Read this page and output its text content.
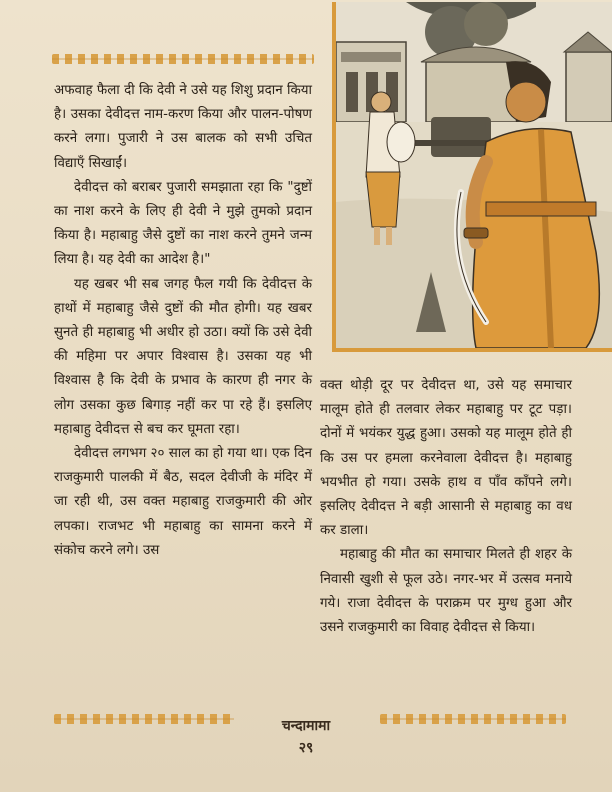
अफवाह फैला दी कि देवी ने उसे यह शिशु प्रदान किया है। उसका देवीदत्त नाम-करण किया और पालन-पोषण करने लगा। पुजारी ने उस बालक को सभी उचित विद्याएँ सिखाईं।

देवीदत्त को बराबर पुजारी समझाता रहा कि "दुष्टों का नाश करने के लिए ही देवी ने मुझे तुमको प्रदान किया है। महाबाहु जैसे दुष्टों का नाश करने तुमने जन्म लिया है। यह देवी का आदेश है।"

यह खबर भी सब जगह फैल गयी कि देवीदत्त के हाथों में महाबाहु जैसे दुष्टों की मौत होगी। यह खबर सुनते ही महाबाहु भी अधीर हो उठा। क्यों कि उसे देवी की महिमा पर अपार विश्वास है। उसका यह भी विश्वास है कि देवी के प्रभाव के कारण ही नगर के लोग उसका कुछ बिगाड़ नहीं कर पा रहे हैं। इसलिए महाबाहु देवीदत्त से बच कर घूमता रहा।

देवीदत्त लगभग २० साल का हो गया था। एक दिन राजकुमारी पालकी में बैठ, सदल देवीजी के मंदिर में जा रही थी, उस वक्त महाबाहु राजकुमारी की ओर लपका। राजभट भी महाबाहु का सामना करने में संकोच करने लगे। उस

वक्त थोड़ी दूर पर देवीदत्त था, उसे यह समाचार मालूम होते ही तलवार लेकर महाबाहु पर टूट पड़ा। दोनों में भयंकर युद्ध हुआ। उसको यह मालूम होते ही कि उस पर हमला करनेवाला देवीदत्त है। महाबाहु भयभीत हो गया। उसके हाथ व पाँव काँपने लगे। इसलिए देवीदत्त ने बड़ी आसानी से महाबाहु का वध कर डाला।

महाबाहु की मौत का समाचार मिलते ही शहर के निवासी खुशी से फूल उठे। नगर-भर में उत्सव मनाये गये। राजा देवीदत्त के पराक्रम पर मुग्ध हुआ और उसने राजकुमारी का विवाह देवीदत्त से किया।

चन्दामामा
२९
